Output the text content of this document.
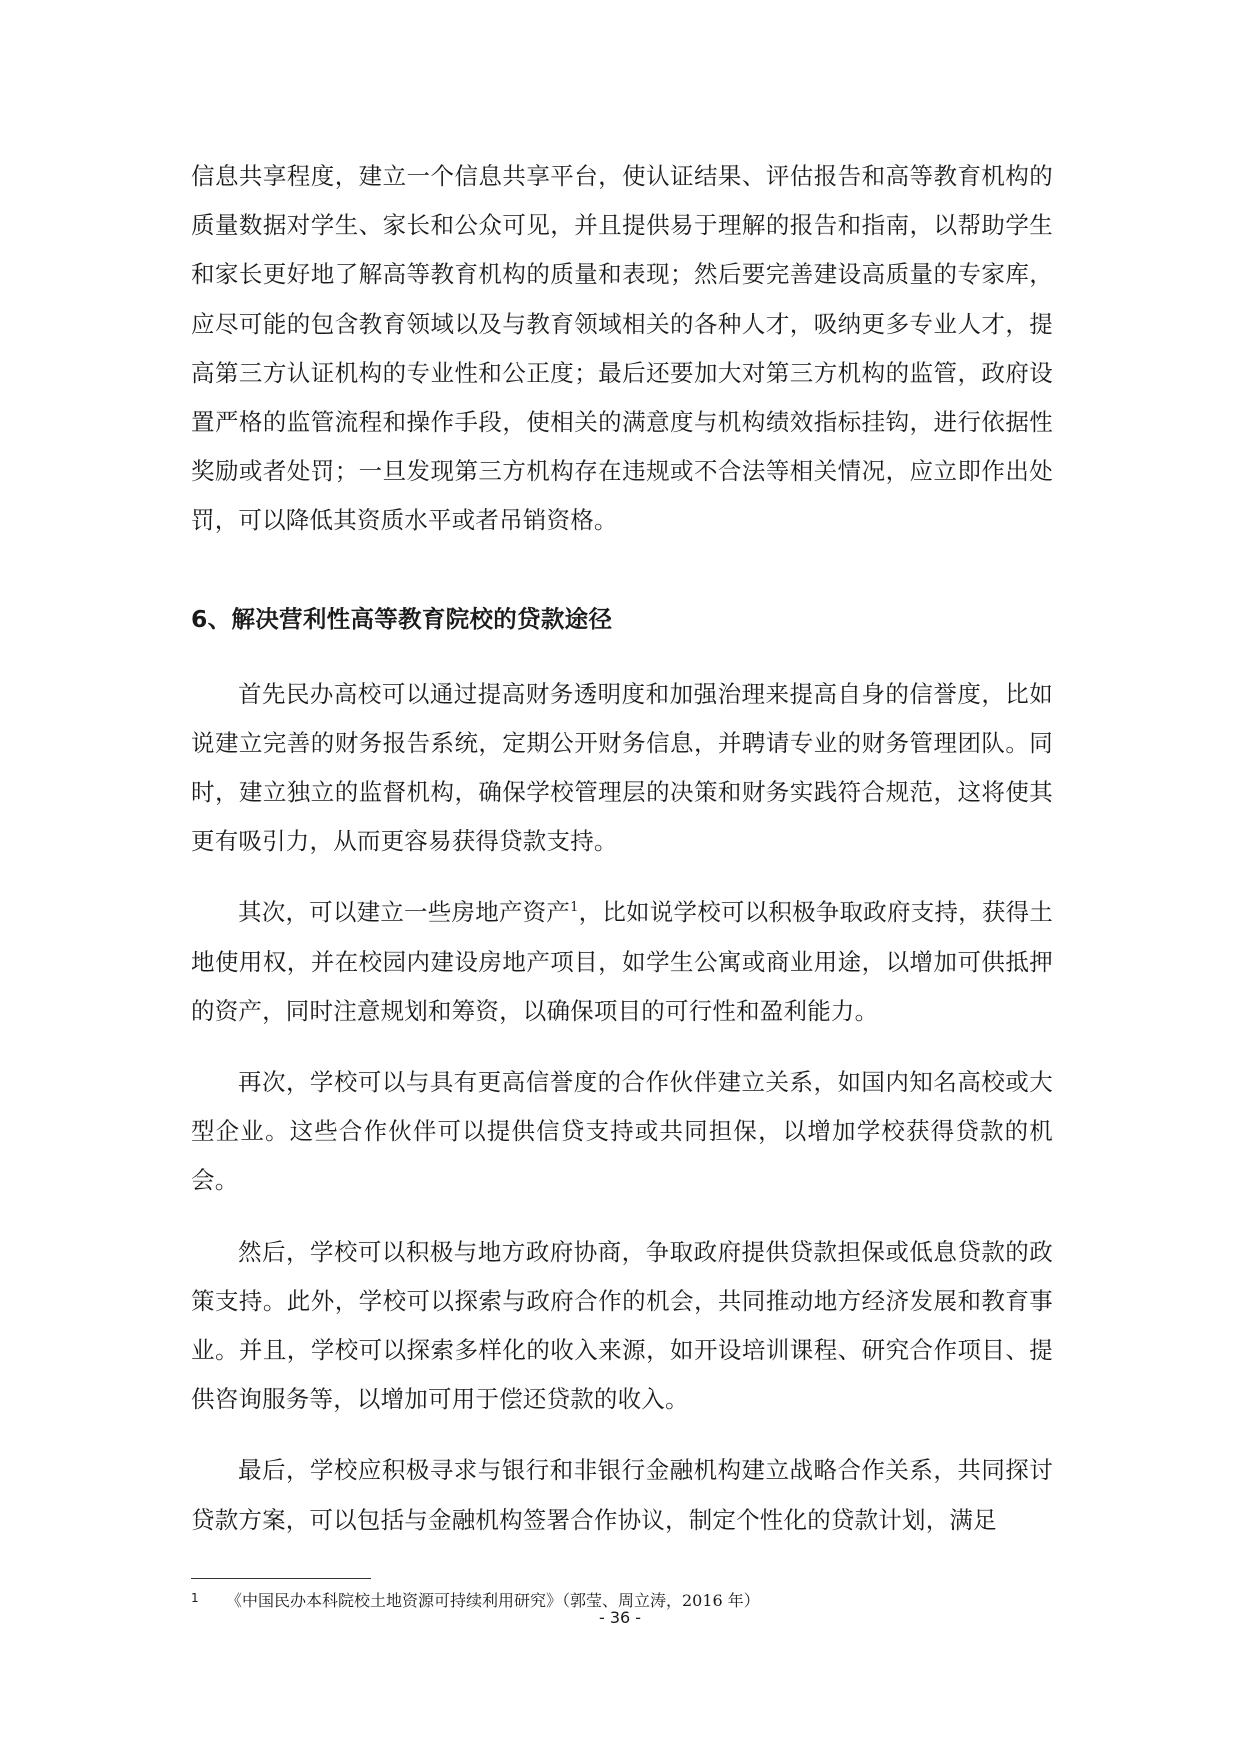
信息共享程度，建立一个信息共享平台，使认证结果、评估报告和高等教育机构的质量数据对学生、家长和公众可见，并且提供易于理解的报告和指南，以帮助学生和家长更好地了解高等教育机构的质量和表现；然后要完善建设高质量的专家库，应尽可能的包含教育领域以及与教育领域相关的各种人才，吸纳更多专业人才，提高第三方认证机构的专业性和公正度；最后还要加大对第三方机构的监管，政府设置严格的监管流程和操作手段，使相关的满意度与机构绩效指标挂钩，进行依据性奖励或者处罚；一旦发现第三方机构存在违规或不合法等相关情况，应立即作出处罚，可以降低其资质水平或者吊销资格。

6、解决营利性高等教育院校的贷款途径

首先民办高校可以通过提高财务透明度和加强治理来提高自身的信誉度，比如说建立完善的财务报告系统，定期公开财务信息，并聘请专业的财务管理团队。同时，建立独立的监督机构，确保学校管理层的决策和财务实践符合规范，这将使其更有吸引力，从而更容易获得贷款支持。

其次，可以建立一些房地产资产$^1$，比如说学校可以积极争取政府支持，获得土地使用权，并在校园内建设房地产项目，如学生公寓或商业用途，以增加可供抵押的资产，同时注意规划和筹资，以确保项目的可行性和盈利能力。

再次，学校可以与具有更高信誉度的合作伙伴建立关系，如国内知名高校或大型企业。这些合作伙伴可以提供信贷支持或共同担保，以增加学校获得贷款的机会。

然后，学校可以积极与地方政府协商，争取政府提供贷款担保或低息贷款的政策支持。此外，学校可以探索与政府合作的机会，共同推动地方经济发展和教育事业。并且，学校可以探索多样化的收入来源，如开设培训课程、研究合作项目、提供咨询服务等，以增加可用于偿还贷款的收入。

最后，学校应积极寻求与银行和非银行金融机构建立战略合作关系，共同探讨贷款方案，可以包括与金融机构签署合作协议，制定个性化的贷款计划，满足

1 《中国民办本科院校土地资源可持续利用研究》（郭莹、周立涛，2016 年）
- 36 -
